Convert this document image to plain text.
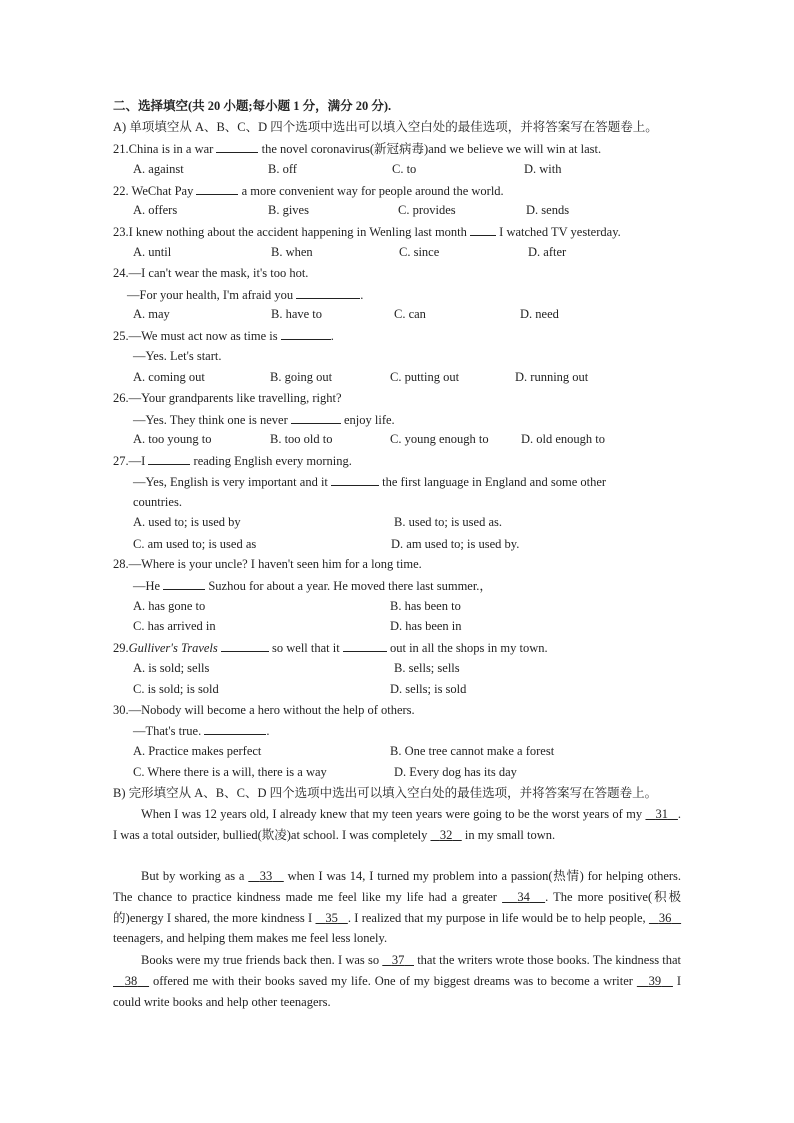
二、选择填空(共 20 小题;每小题 1 分，满分 20 分).
A) 单项填空从 A、B、C、D 四个选项中选出可以填入空白处的最佳选项，并将答案写在答题卷上。
21.China is in a war	the novel coronavirus(新冠病毒)and we believe we will win at last.
A. against	B. off	C. to	D. with
22. WeChat Pay	a more convenient way for people around the world.
A. offers	B. gives	C. provides	D. sends
23.I knew nothing about the accident happening in Wenling last month	I watched TV yesterday.
A. until	B. when	C. since	D. after
24.—I can't wear the mask, it's too hot.
—For your health, I'm afraid you	.
A. may	B. have to	C. can	D. need
25.—We must act now as time is	.
—Yes. Let's start.
A. coming out	B. going out	C. putting out	D. running out
26.—Your grandparents like travelling, right?
—Yes. They think one is never	enjoy life.
A. too young to	B. too old to	C. young enough to	D. old enough to
27.—I	reading English every morning.
—Yes, English is very important and it	the first language in England and some other
countries.
A. used to; is used by	B. used to; is used as.
C. am used to; is used as	D. am used to; is used by.
28.—Where is your uncle? I haven't seen him for a long time.
—He	Suzhou for about a year. He moved there last summer.，
A. has gone to	B. has been to
C. has arrived in	D. has been in
29.Gulliver's Travels	so well that it	out in all the shops in my town.
A. is sold; sells	B. sells; sells
C. is sold; is sold	D. sells; is sold
30.—Nobody will become a hero without the help of others.
—That's true.	.
A. Practice makes perfect	B. One tree cannot make a forest
C. Where there is a will, there is a way	D. Every dog has its day
B) 完形填空从 A、B、C、D 四个选项中选出可以填入空白处的最佳选项，并将答案写在答题卷上。
When I was 12 years old, I already knew that my teen years were going to be the worst years of my 31 . I was a total outsider, bullied(欺凌)at school. I was completely 32 in my small town.
But by working as a 33 when I was 14, I turned my problem into a passion(热情) for helping others. The chance to practice kindness made me feel like my life had a greater 34 . The more positive(积极的)energy I shared, the more kindness I 35 . I realized that my purpose in life would be to help people, 36    teenagers, and helping them makes me feel less lonely.
Books were my true friends back then. I was so 37 that the writers wrote those books. The kindness that    38 offered me with their books saved my life. One of my biggest dreams was to become a writer 39 I could write books and help other teenagers.
